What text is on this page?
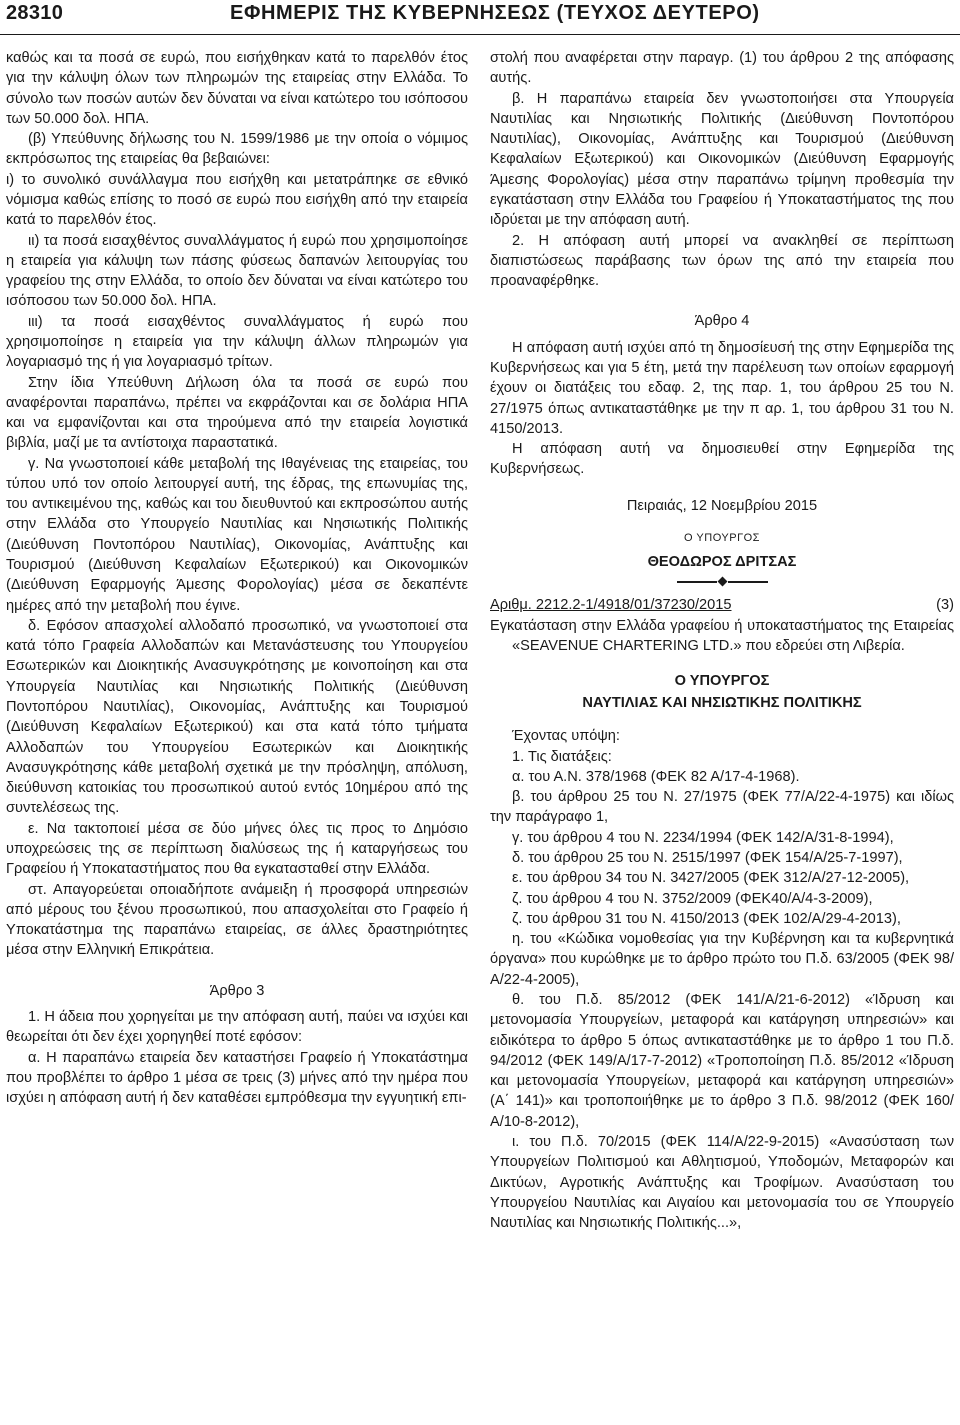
28310	ΕΦΗΜΕΡΙΣ ΤΗΣ ΚΥΒΕΡΝΗΣΕΩΣ (ΤΕΥΧΟΣ ΔΕΥΤΕΡΟ)

καθώς και τα ποσά σε ευρώ, που εισήχθηκαν κατά το παρελθόν έτος για την κάλυψη όλων των πληρωμών της εταιρείας στην Ελλάδα. Το σύνολο των ποσών αυτών δεν δύναται να είναι κατώτερο του ισόποσου των 50.000 δολ. ΗΠΑ.

(β) Υπεύθυνης δήλωσης του Ν. 1599/1986 με την οποία ο νόμιμος εκπρόσωπος της εταιρείας θα βεβαιώνει:

ι) το συνολικό συνάλλαγμα που εισήχθη και μετατράπηκε σε εθνικό νόμισμα καθώς επίσης το ποσό σε ευρώ που εισήχθη από την εταιρεία κατά το παρελθόν έτος.

ιι) τα ποσά εισαχθέντος συναλλάγματος ή ευρώ που χρησιμοποίησε η εταιρεία για κάλυψη των πάσης φύσεως δαπανών λειτουργίας του γραφείου της στην Ελλάδα, το οποίο δεν δύναται να είναι κατώτερο του ισόποσου των 50.000 δολ. ΗΠΑ.

ιιι) τα ποσά εισαχθέντος συναλλάγματος ή ευρώ που χρησιμοποίησε η εταιρεία για την κάλυψη άλλων πληρωμών για λογαριασμό της ή για λογαριασμό τρίτων.

Στην ίδια Υπεύθυνη Δήλωση όλα τα ποσά σε ευρώ που αναφέρονται παραπάνω, πρέπει να εκφράζονται και σε δολάρια ΗΠΑ και να εμφανίζονται και στα τηρούμενα από την εταιρεία λογιστικά βιβλία, μαζί με τα αντίστοιχα παραστατικά.

γ. Να γνωστοποιεί κάθε μεταβολή της Ιθαγένειας της εταιρείας, του τύπου υπό τον οποίο λειτουργεί αυτή, της έδρας, της επωνυμίας της, του αντικειμένου της, καθώς και του διευθυντού και εκπροσώπου αυτής στην Ελλάδα στο Υπουργείο Ναυτιλίας και Νησιωτικής Πολιτικής (Διεύθυνση Ποντοπόρου Ναυτιλίας), Οικονομίας, Ανάπτυξης και Τουρισμού (Διεύθυνση Κεφαλαίων Εξωτερικού) και Οικονομικών (Διεύθυνση Εφαρμογής Άμεσης Φορολογίας) μέσα σε δεκαπέντε ημέρες από την μεταβολή που έγινε.

δ. Εφόσον απασχολεί αλλοδαπό προσωπικό, να γνωστοποιεί στα κατά τόπο Γραφεία Αλλοδαπών και Μετανάστευσης του Υπουργείου Εσωτερικών και Διοικητικής Ανασυγκρότησης με κοινοποίηση και στα Υπουργεία Ναυτιλίας και Νησιωτικής Πολιτικής (Διεύθυνση Ποντοπόρου Ναυτιλίας), Οικονομίας, Ανάπτυξης και Τουρισμού (Διεύθυνση Κεφαλαίων Εξωτερικού) και στα κατά τόπο τμήματα Αλλοδαπών του Υπουργείου Εσωτερικών και Διοικητικής Ανασυγκρότησης κάθε μεταβολή σχετικά με την πρόσληψη, απόλυση, διεύθυνση κατοικίας του προσωπικού αυτού εντός 10ημέρου από της συντελέσεως της.

ε. Να τακτοποιεί μέσα σε δύο μήνες όλες τις προς το Δημόσιο υποχρεώσεις της σε περίπτωση διαλύσεως της ή καταργήσεως του Γραφείου ή Υποκαταστήματος που θα εγκατασταθεί στην Ελλάδα.

στ. Απαγορεύεται οποιαδήποτε ανάμειξη ή προσφορά υπηρεσιών από μέρους του ξένου προσωπικού, που απασχολείται στο Γραφείο ή Υποκατάστημα της παραπάνω εταιρείας, σε άλλες δραστηριότητες μέσα στην Ελληνική Επικράτεια.

Άρθρο 3

1. Η άδεια που χορηγείται με την απόφαση αυτή, παύει να ισχύει και θεωρείται ότι δεν έχει χορηγηθεί ποτέ εφόσον:

α. Η παραπάνω εταιρεία δεν καταστήσει Γραφείο ή Υποκατάστημα που προβλέπει το άρθρο 1 μέσα σε τρεις (3) μήνες από την ημέρα που ισχύει η απόφαση αυτή ή δεν καταθέσει εμπρόθεσμα την εγγυητική επι-

στολή που αναφέρεται στην παραγρ. (1) του άρθρου 2 της απόφασης αυτής.

β. Η παραπάνω εταιρεία δεν γνωστοποιήσει στα Υπουργεία Ναυτιλίας και Νησιωτικής Πολιτικής (Διεύθυνση Ποντοπόρου Ναυτιλίας), Οικονομίας, Ανάπτυξης και Τουρισμού (Διεύθυνση Κεφαλαίων Εξωτερικού) και Οικονομικών (Διεύθυνση Εφαρμογής Άμεσης Φορολογίας) μέσα στην παραπάνω τρίμηνη προθεσμία την εγκατάσταση στην Ελλάδα του Γραφείου ή Υποκαταστήματος της που ιδρύεται με την απόφαση αυτή.

2. Η απόφαση αυτή μπορεί να ανακληθεί σε περίπτωση διαπιστώσεως παράβασης των όρων της από την εταιρεία που προαναφέρθηκε.

Άρθρο 4

Η απόφαση αυτή ισχύει από τη δημοσίευσή της στην Εφημερίδα της Κυβερνήσεως και για 5 έτη, μετά την παρέλευση των οποίων εφαρμογή έχουν οι διατάξεις του εδαφ. 2, της παρ. 1, του άρθρου 25 του Ν. 27/1975 όπως αντικαταστάθηκε με την π αρ. 1, του άρθρου 31 του Ν. 4150/2013.

Η απόφαση αυτή να δημοσιευθεί στην Εφημερίδα της Κυβερνήσεως.

Πειραιάς, 12 Νοεμβρίου 2015

Ο ΥΠΟΥΡΓΟΣ

ΘΕΟΔΩΡΟΣ ΔΡΙΤΣΑΣ

Αριθμ. 2212.2-1/4918/01/37230/2015	(3)

Εγκατάσταση στην Ελλάδα γραφείου ή υποκαταστήματος της Εταιρείας «SEAVENUE CHARTERING LTD.» που εδρεύει στη Λιβερία.

Ο ΥΠΟΥΡΓΟΣ
ΝΑΥΤΙΛΙΑΣ ΚΑΙ ΝΗΣΙΩΤΙΚΗΣ ΠΟΛΙΤΙΚΗΣ

Έχοντας υπόψη:

1. Τις διατάξεις:

α. του Α.Ν. 378/1968 (ΦΕΚ 82 Α/17-4-1968).

β. του άρθρου 25 του Ν. 27/1975 (ΦΕΚ 77/Α/22-4-1975) και ιδίως την παράγραφο 1,

γ. του άρθρου 4 του Ν. 2234/1994 (ΦΕΚ 142/Α/31-8-1994),

δ. του άρθρου 25 του Ν. 2515/1997 (ΦΕΚ 154/Α/25-7-1997),

ε. του άρθρου 34 του Ν. 3427/2005 (ΦΕΚ 312/Α/27-12-2005),

ζ. του άρθρου 4 του Ν. 3752/2009 (ΦΕΚ40/Α/4-3-2009),

ζ. του άρθρου 31 του Ν. 4150/2013 (ΦΕΚ 102/Α/29-4-2013),

η. του «Κώδικα νομοθεσίας για την Κυβέρνηση και τα κυβερνητικά όργανα» που κυρώθηκε με το άρθρο πρώτο του Π.δ. 63/2005 (ΦΕΚ 98/Α/22-4-2005),

θ. του Π.δ. 85/2012 (ΦΕΚ 141/Α/21-6-2012) «Ίδρυση και μετονομασία Υπουργείων, μεταφορά και κατάργηση υπηρεσιών» και ειδικότερα το άρθρο 5 όπως αντικαταστάθηκε με το άρθρο 1 του Π.δ. 94/2012 (ΦΕΚ 149/Α/17-7-2012) «Τροποποίηση Π.δ. 85/2012 «Ίδρυση και μετονομασία Υπουργείων, μεταφορά και κατάργηση υπηρεσιών» (Α΄ 141)» και τροποποιήθηκε με το άρθρο 3 Π.δ. 98/2012 (ΦΕΚ 160/Α/10-8-2012),

ι. του Π.δ. 70/2015 (ΦΕΚ 114/Α/22-9-2015) «Ανασύσταση των Υπουργείων Πολιτισμού και Αθλητισμού, Υποδομών, Μεταφορών και Δικτύων, Αγροτικής Ανάπτυξης και Τροφίμων. Ανασύσταση του Υπουργείου Ναυτιλίας και Αιγαίου και μετονομασία του σε Υπουργείο Ναυτιλίας και Νησιωτικής Πολιτικής...»,
